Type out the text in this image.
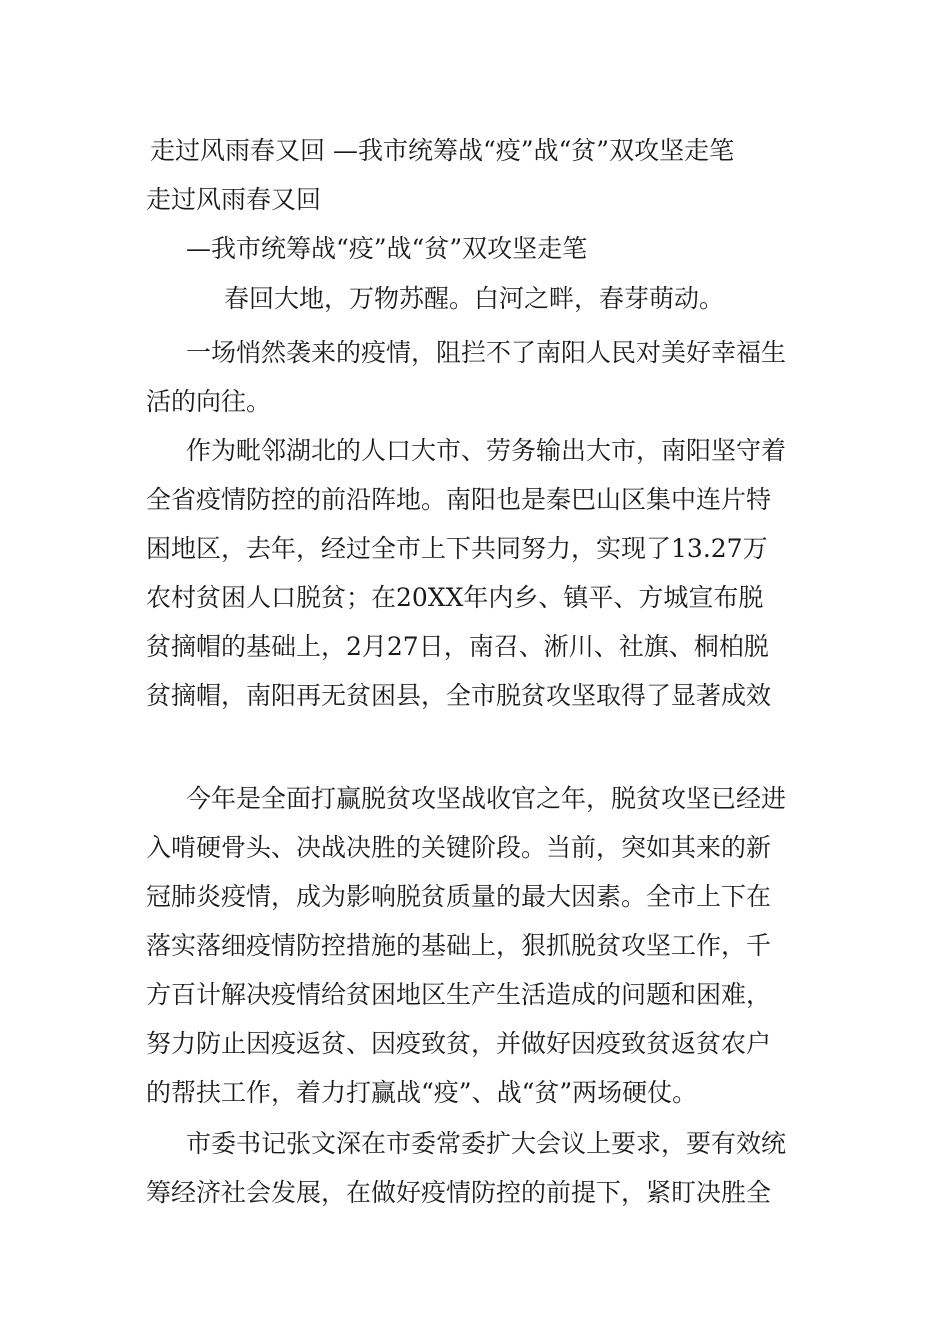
走过风雨春又回 —我市统筹战“疫”战“贫”双攻坚走笔
走过风雨春又回
—我市统筹战“疫”战“贫”双攻坚走笔
春回大地，万物苏醒。白河之畔，春芽萌动。
一场悄然袭来的疫情，阻拦不了南阳人民对美好幸福生
活的向往。
作为毗邻湖北的人口大市、劳务输出大市，南阳坚守着
全省疫情防控的前沿阵地。南阳也是秦巴山区集中连片特
困地区，去年，经过全市上下共同努力，实现了13.27万
农村贫困人口脱贫；在20XX年内乡、镇平、方城宣布脱
贫摘帽的基础上，2月27日，南召、淅川、社旗、桐柏脱
贫摘帽，南阳再无贫困县，全市脱贫攻坚取得了显著成效
今年是全面打赢脱贫攻坚战收官之年，脱贫攻坚已经进
入啃硬骨头、决战决胜的关键阶段。当前，突如其来的新
冠肺炎疫情，成为影响脱贫质量的最大因素。全市上下在
落实落细疫情防控措施的基础上，狠抓脱贫攻坚工作，千
方百计解决疫情给贫困地区生产生活造成的问题和困难，
努力防止因疫返贫、因疫致贫，并做好因疫致贫返贫农户
的帮扶工作，着力打赢战“疫”、战“贫”两场硬仗。
市委书记张文深在市委常委扩大会议上要求，要有效统
筹经济社会发展，在做好疫情防控的前提下，紧盯决胜全
